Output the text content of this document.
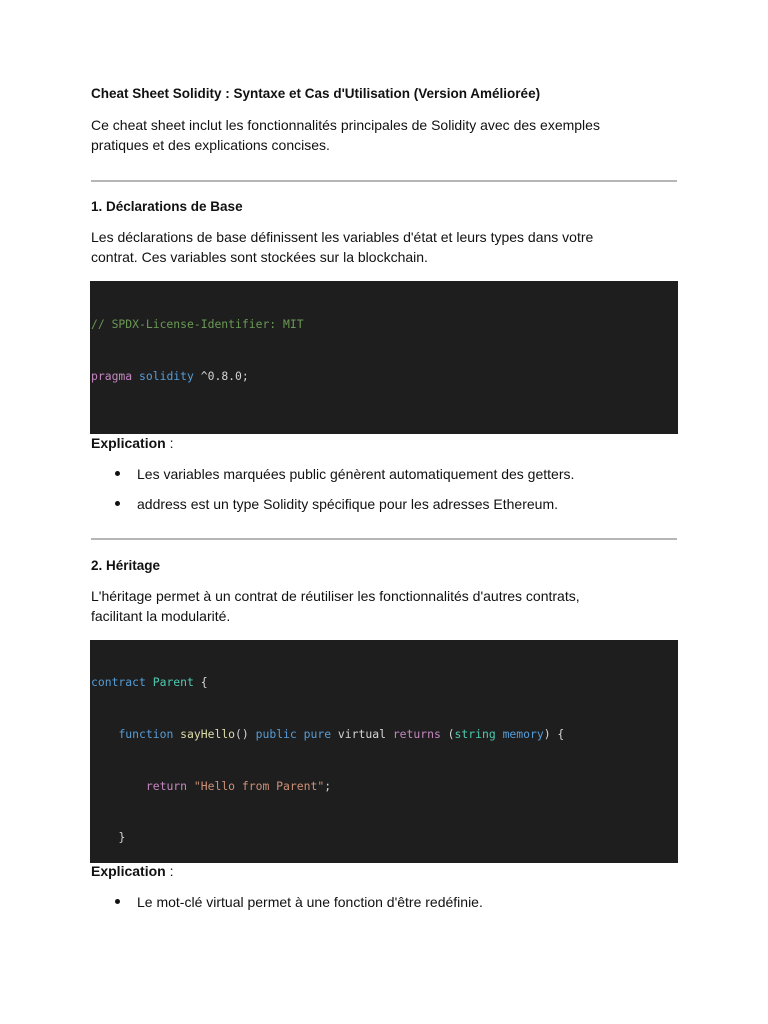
Cheat Sheet Solidity : Syntaxe et Cas d'Utilisation (Version Améliorée)
Ce cheat sheet inclut les fonctionnalités principales de Solidity avec des exemples
pratiques et des explications concises.
1. Déclarations de Base
Les déclarations de base définissent les variables d'état et leurs types dans votre
contrat. Ces variables sont stockées sur la blockchain.

// SPDX-License-Identifier: MIT

pragma solidity ^0.8.0;

Explication :
Les variables marquées public génèrent automatiquement des getters.
address est un type Solidity spécifique pour les adresses Ethereum.
2. Héritage
L'héritage permet à un contrat de réutiliser les fonctionnalités d'autres contrats,
facilitant la modularité.

contract Parent {

function sayHello() public pure virtual returns (string memory) {

return "Hello from Parent";

}

Explication :
Le mot-clé virtual permet à une fonction d'être redéfinie.
